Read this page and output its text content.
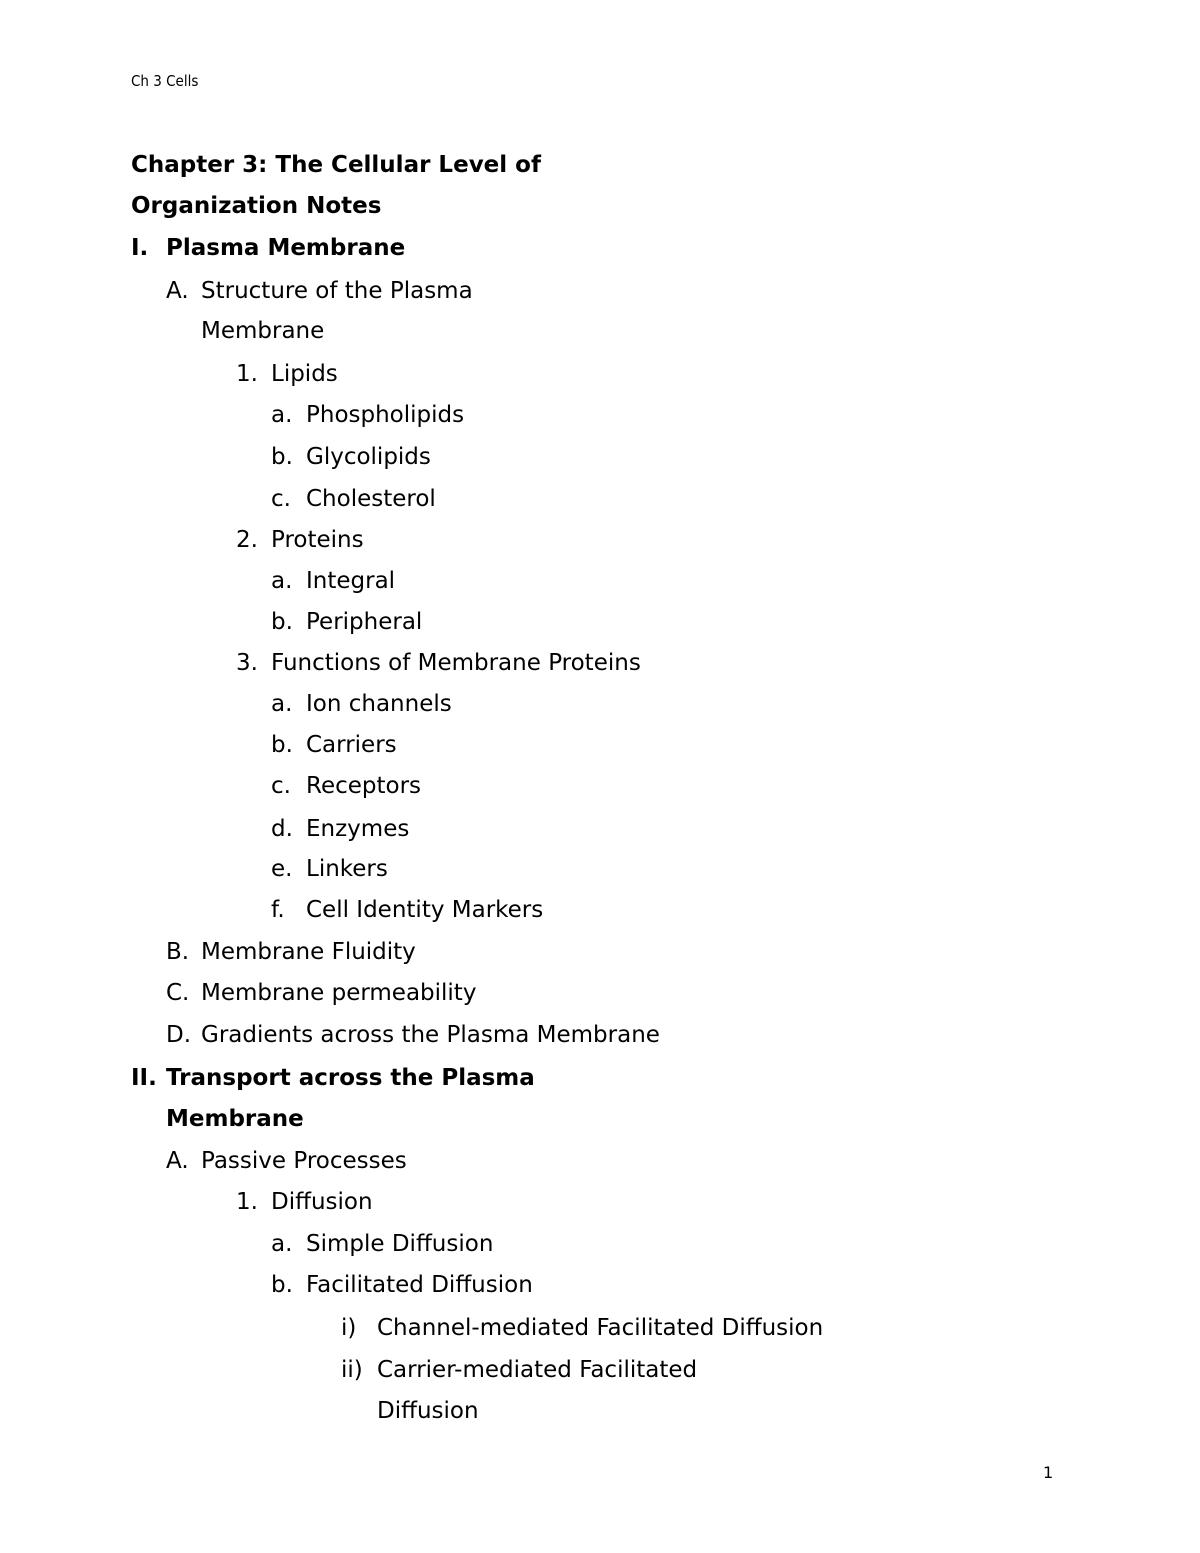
Ch 3 Cells
Chapter 3: The Cellular Level of
Organization Notes
I. Plasma Membrane
A. Structure of the Plasma
Membrane
1. Lipids
a. Phospholipids
b. Glycolipids
c. Cholesterol
2. Proteins
a. Integral
b. Peripheral
3. Functions of Membrane Proteins
a. Ion channels
b. Carriers
c. Receptors
d. Enzymes
e. Linkers
f. Cell Identity Markers
B. Membrane Fluidity
C. Membrane permeability
D. Gradients across the Plasma Membrane
II. Transport across the Plasma
Membrane
A. Passive Processes
1. Diffusion
a. Simple Diffusion
b. Facilitated Diffusion
i) Channel-mediated Facilitated Diffusion
ii) Carrier-mediated Facilitated
Diffusion
1
